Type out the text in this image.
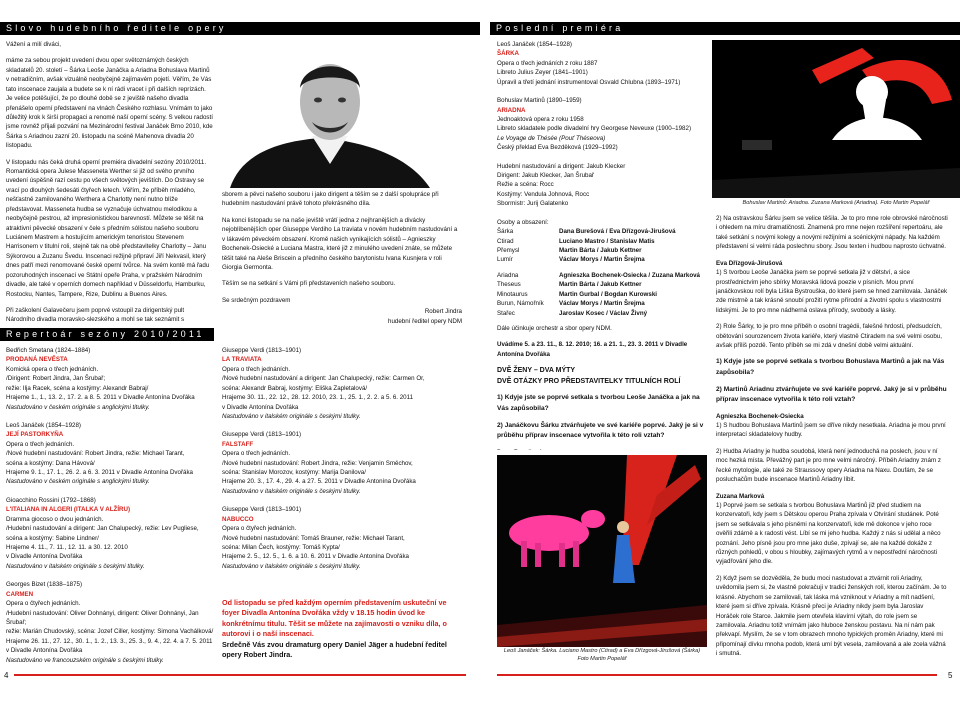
Slovo hudebního ředitele opery

Vážení a milí diváci,

máme za sebou projekt uvedení dvou oper světoznámých českých skladatelů 20. století – Šárka Leoše Janáčka a Ariadna Bohuslava Martinů v netradičním, avšak vizuálně neobyčejně zajímavém pojetí. Věřím, že Vás tato inscenace zaujala a budete se k ní rádi vracet i při dalších reprízách. Je velice potěšující, že po dlouhé době se z jeviště našeho divadla přenášelo operní představení na vlnách Českého rozhlasu. Vnímám to jako důležitý krok k širší propagaci a renomé naší operní scény. S velkou radostí jsme rovněž přijali pozvání na Mezinárodní festival Janáček Brno 2010, kde Šárka s Ariadnou zazní 20. listopadu na scéně Mahenova divadla 20 listopadu.

V listopadu nás čeká druhá operní premiéra divadelní sezóny 2010/2011. Romantická opera Julese Masseneta Werther si již od svého prvního uvedení úspěšně razí cestu po všech světových jevištích. Do Ostravy se vrací po dlouhých šedesáti čtyřech letech. Věřím, že příběh mladého, nešťastně zamilovaného Werthera a Charlotty není nutno blíže představovat. Masseneta hudba se vyznačuje úchvatnou melodikou a neobyčejně pestrou, až impresionistickou barevností. Můžete se těšit na atraktivní pěvecké obsazení v čele s předním sólistou našeho souboru Luciánem Mastrem a hostujícím americkým tenoristou Stevenem Harrisonem v titulní roli, stejně tak na obě představitelky Charlotty – Janu Sýkorovou a Zuzanu Švedu. Inscenaci režijně připraví Jiří Nekvasil, který dnes patří mezi renomované české operní tvůrce. Na svém kontě má řadu pozoruhodných inscenací ve Státní opeře Praha, v pražském Národním divadle, ale také v operních domech například v Düsseldorfu, Hamburku, Rostocku, Nantes, Tampere, Rize, Dublinu a Buenos Aires.

Při zaškolení Galavečeru jsem poprvé vstoupil za dirigentský pult Národního divadla moravsko-slezského a mohl se tak seznámit s

sborem a pěvci našeho souboru i jako dirigent a těším se z další spolupráce při hudebním nastudování právě tohoto překrásného díla.

Na konci listopadu se na naše jeviště vrátí jedna z nejhranějších a divácky nejoblíbenějších oper Giuseppe Verdiho La traviata v novém hudebním nastudování a v lákavém pěveckém obsazení. Kromě našich vynikajících sólistů – Agnieszky Bochenek-Osiecké a Luciana Mastra, které již z minulého uvedení znáte, se můžete těšit také na Aleše Briscein a předního českého barytonistu Ivana Kusnjera v roli Giorgia Germonta.

Těším se na setkání s Vámi při představeních našeho souboru.

Se srdečným pozdravem

Robert Jindra
hudební ředitel opery NDM
Repertoár sezóny 2010/2011
Bedřich Smetana (1824–1884)
PRODANÁ NEVĚSTA
Komická opera o třech jednáních.
/Dirigent: Robert Jindra, Jan Šrubař;
režie: Ilja Racek, scéna a kostýmy: Alexandr Babraj/
Hrajeme 1., 1., 13. 2., 17. 2. a 8. 5. 2011 v Divadle Antonína Dvořáka
Nastudováno v českém originále s anglickými titulky.
Leoš Janáček (1854–1928)
JEJÍ PASTORKYŇA
Opera o třech jednáních.
/Nové hudební nastudování: Robert Jindra, režie: Michael Tarant,
scéna a kostýmy: Dana Hávová/
Hrajeme 9. 1., 17. 1., 26. 2. a 6. 3. 2011 v Divadle Antonína Dvořáka
Nastudováno v českém originále s anglickými titulky.
Gioacchino Rossini (1792–1868)
L'ITALIANA IN ALGERI (ITALKA V ALŽÍRU)
Dramma giocoso o dvou jednáních.
/Hudební nastudování a dirigent: Jan Chalupecký, režie: Lev Pugliese,
scéna a kostýmy: Sabine Lindner/
Hrajeme 4. 11., 7. 11., 12. 11. a 30. 12. 2010
v Divadle Antonína Dvořáka
Nastudováno v italském originále s českými titulky.
Georges Bizet (1838–1875)
CARMEN
Opera o čtyřech jednáních.
/Hudební nastudování: Oliver Dohnányi, dirigent: Oliver Dohnányi, Jan Šrubař;
režie: Marián Chudovský, scéna: Jozef Ciller, kostýmy: Simona Vachálková/
Hrajeme 26. 11., 27. 12., 30. 1., 1. 2., 13. 3., 25. 3., 9. 4., 22. 4. a 7. 5. 2011
v Divadle Antonína Dvořáka
Nastudováno ve francouzském originále s českými titulky.
Giuseppe Verdi (1813–1901)
LA TRAVIATA
Opera o třech jednáních.
/Nové hudební nastudování a dirigent: Jan Chalupecký, režie: Carmen Or,
scéna: Alexandr Babraj, kostýmy: Eliška Zapletalová/
Hrajeme 30. 11., 22. 12., 28. 12. 2010, 23. 1., 25. 1., 2. 2. a 5. 6. 2011
v Divadle Antonína Dvořáka
Nastudováno v italském originále s českými titulky.
Giuseppe Verdi (1813–1901)
FALSTAFF
Opera o třech jednáních.
/Nové hudební nastudování: Robert Jindra, režie: Venjamin Směchov,
scéna: Stanislav Morozov, kostýmy: Marija Danilova/
Hrajeme 20. 3., 17. 4., 29. 4. a 27. 5. 2011 v Divadle Antonína Dvořáka
Nastudováno v italském originále s českými titulky.
Giuseppe Verdi (1813–1901)
NABUCCO
Opera o čtyřech jednáních.
/Nové hudební nastudování: Tomáš Brauner, režie: Michael Tarant,
scéna: Milan Čech, kostýmy: Tomáš Kypta/
Hrajeme 2. 5., 12. 5., 1. 6. a 10. 6. 2011 v Divadle Antonína Dvořáka
Nastudováno v italském originále s českými titulky.
Od listopadu se před každým operním představením uskuteční ve foyer Divadla Antonína Dvořáka vždy v 18.15 hodin úvod ke konkrétnímu titulu. Těšit se můžete na zajímavosti o vzniku díla, o autorovi i o naší inscenaci.
Srdečně Vás zvou dramaturg opery Daniel Jäger a hudební ředitel opery Robert Jindra.
4
Poslední premiéra
Leoš Janáček (1854–1928)
ŠÁRKA
Opera o třech jednáních z roku 1887
Libreto Julius Zeyer (1841–1901)
Úpravil a třetí jednání instrumentoval Osvald Chlubna (1893–1971)
Bohuslav Martinů (1890–1959)
ARIADNA
Jednoaktová opera z roku 1958
Libreto skladatele podle divadelní hry Georgese Neveuxe (1900–1982)
Le Voyage de Thésée (Pouť Théseova)
Český překlad Eva Bezděková (1929–1992)
Hudební nastudování a dirigent: Jakub Klecker
Dirigent: Jakub Klecker, Jan Šrubař
Režie a scéna: Rocc
Kostýmy: Vendula Johnová, Rocc
Sbormistr: Jurij Galatenko
Osoby a obsazení:
Šárka	Dana Burešová / Eva Dřízgová-Jirušová
Ctirad	Luciano Mastro / Stanislav Matis
Přemysl	Martin Bárta / Jakub Kettner
Lumír	Václav Morys / Martin Šrejma
Ariadna	Agnieszka Bochenek-Osiecka / Zuzana Marková
Theseus	Martin Bárta / Jakub Kettner
Minotaurus	Martin Gurbal / Bogdan Kurowski
Burun, Námořník	Václav Morys / Martin Šrejma
Stařec	Jaroslav Kosec / Václav Živný

Dále účinkuje orchestr a sbor opery NDM.

Uvádíme 5. a 23. 11., 8. 12. 2010; 16. a 21. 1., 23. 3. 2011 v Divadle Antonína Dvořáka

DVĚ ŽENY – DVA MÝTY
DVĚ OTÁZKY PRO PŘEDSTAVITELKY TITULNÍCH ROLÍ

1) Kdyje jste se poprvé setkala s tvorbou Leoše Janáčka a jak na Vás zapůsobila?

2) Janáčkovu Šárku ztvárňujete ve své kariéře poprvé. Jaký je si v průběhu příprav inscenace vytvořila k této roli vztah?

Leoš Janáček: Šárka. Luciano Mastro (Ctirad) a Eva Dřízgová-Jirušová (Šárka)
Foto Martin Popelář
Bohuslav Martinů: Ariadna. Zuzana Marková (Ariadna). Foto Martin Popelář

2) Na ostravskou Šárku jsem se velice těšila. Je to pro mne role obrovské náročnosti i ohledem na míru dramatičnosti. Znamená pro mne nejen rozšíření repertoáru, ale také setkání s novými kolegy a novými režijními a scénickými nápady. Na každém představení si velmi ráda poslechnu sbory. Jsou texten i hudbou naprosto úchvatné.

Eva Dřízgová-Jirušová

1) S tvorbou Leoše Janáčka jsem se poprvé setkala již v dětství, a sice prostřednictvím jeho sbírky Moravská lidová poezie v písních. Mou první janáčkovskou rolí byla Liška Bystrouška, do které jsem se hned zamilovala. Janáček zde mistrně a tak krásně snoubí prožití rytme přírodní a životní spolu s vlastnostmi lidskými. Je to pro mne nádherná oslava přírody, svobody a lásky.

2) Role Šárky, to je pro mne příběh o osobní tragédii, falešné hrdosti, předsudcích, obětování sourozencem života kariéře, který vlastně Ctiradem na své velmi osobu, avšak příliš pozdě. Tento příběh se mi zdá v dnešní době velmi aktuální.

1) Kdyje jste se poprvé setkala s tvorbou Bohuslava Martinů a jak na Vás zapůsobila?

2) Martinů Ariadnu ztvárňujete ve své kariéře poprvé. Jaký je si v průběhu příprav inscenace vytvořila k této roli vztah?

Agnieszka Bochenek-Osiecka

1) S hudbou Bohuslava Martinů jsem se dříve nikdy nesetkala. Ariadna je mou první interpretací skladatelovy hudby.

2) Hudba Ariadny je hudba soudobá, která není jednoduchá na poslech, jsou v ní moc hezká místa. Převážný part je pro mne velmi náročný. Příběh Ariadny znám z řecké mytologie, ale také ze Straussovy opery Ariadna na Naxu. Doufám, že se posluchačům bude inscenace Martinů Ariadny líbit.

Zuzana Marková

1) Poprvé jsem se setkala s tvorbou Bohuslava Martinů již před studiem na konzervatoři, kdy jsem s Dětskou operou Praha zpívala v Otvírání studánek. Poté jsem se setkávala s jeho písněmi na konzervatoři, kde mě dokonce v jeho roce ověřili zdárně a k radosti vést. Líbí se mi jeho hudba. Každý z nás si udělal a něco poznání. Jeho písně jsou pro mne jako duše, zpívají se, ale na každé dokáže z různých pohledů, v obou s hloubky, zajímavých rytmů a v nepostřední náročnosti vyjadřování jeho dle.

2) Když jsem se dozvěděla, že budu moci nastudovat a ztvárnit roli Ariadny, uvědomila jsem si, že vlastně pokračuji v tradici ženských rolí, kterou začínám. Je to krásné. Abychom se zamilovali, tak láska má vzniknout v Ariadny a mít nadšení, které jsem si dříve zpívala. Krásně přeci je Ariadny nikdy jsem byla Jaroslav Horáček role Starce. Jakmile jsem otevřela klavírní výtah, do role jsem se zamilovala. Ariadnu totiž vnímám jako hluboce ženskou postavu. Na ní nám pak překvapí. Myslím, že se v tom obrazech mnoho typických proměn Ariadny, které mi připomínají dívku mnoha podob, která umí být vesela, zamilovaná a ale zcela vážná i smutná.

5
